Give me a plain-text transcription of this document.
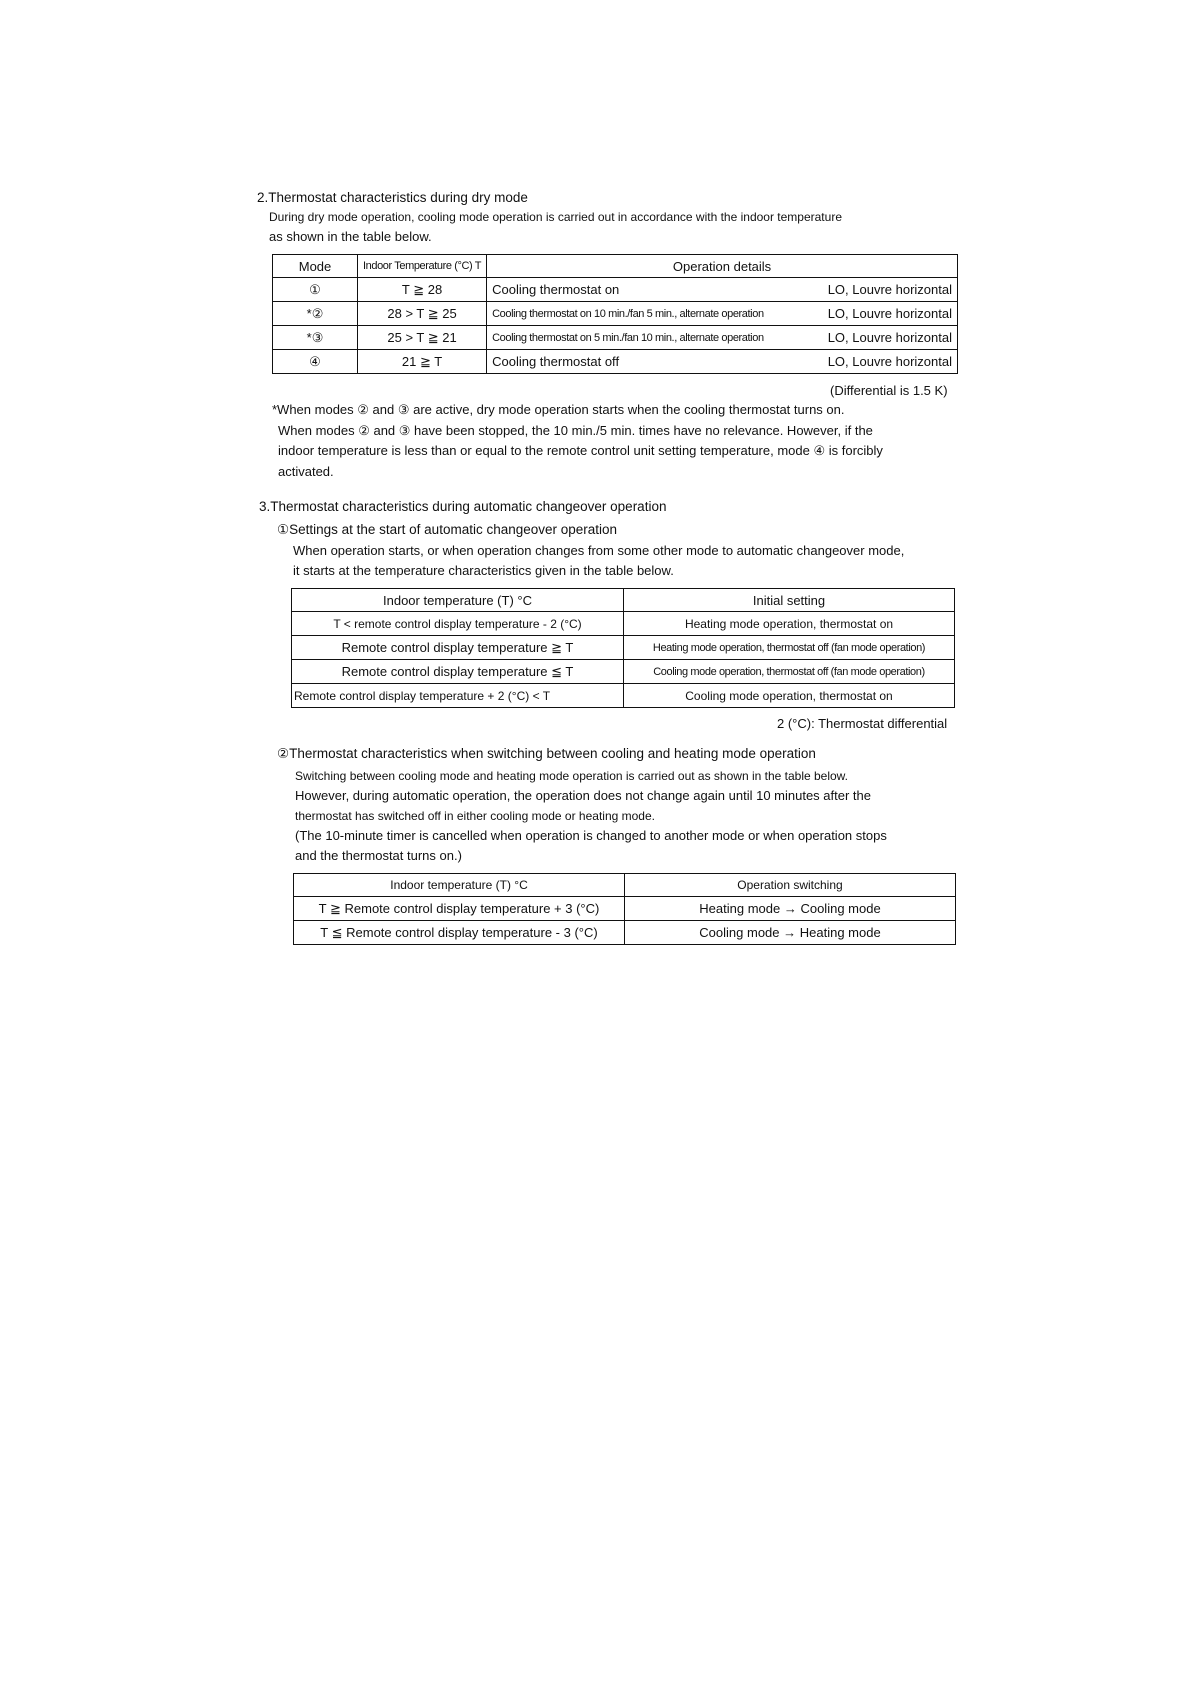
2.Thermostat characteristics during dry mode

During dry mode operation, cooling mode operation is carried out in accordance with the indoor temperature

as shown in the table below.

Mode	Indoor Temperature (°C) T	Operation details
①	T ≧ 28	Cooling thermostat on LO, Louvre horizontal

*②	28 > T ≧ 25	Cooling thermostat on 10 min./fan 5 min., alternate operation LO, Louvre horizontal

*③	25 > T ≧ 21	Cooling thermostat on 5 min./fan 10 min., alternate operation LO, Louvre horizontal

④	21 ≧ T	Cooling thermostat off LO, Louvre horizontal

(Differential is 1.5 K)

*When modes ② and ③ are active, dry mode operation starts when the cooling thermostat turns on.

When modes ② and ③ have been stopped, the 10 min./5 min. times have no relevance. However, if the

indoor temperature is less than or equal to the remote control unit setting temperature, mode ④ is forcibly

activated.

3.Thermostat characteristics during automatic changeover operation

①Settings at the start of automatic changeover operation

When operation starts, or when operation changes from some other mode to automatic changeover mode,

it starts at the temperature characteristics given in the table below.

Indoor temperature (T) °C	Initial setting
T < remote control display temperature - 2 (°C)	Heating mode operation, thermostat on
Remote control display temperature ≧ T	Heating mode operation, thermostat off (fan mode operation)
Remote control display temperature ≦ T	Cooling mode operation, thermostat off (fan mode operation)
Remote control display temperature + 2 (°C) < T	Cooling mode operation, thermostat on

2 (°C): Thermostat differential

②Thermostat characteristics when switching between cooling and heating mode operation

Switching between cooling mode and heating mode operation is carried out as shown in the table below.

However, during automatic operation, the operation does not change again until 10 minutes after the

thermostat has switched off in either cooling mode or heating mode.

(The 10-minute timer is cancelled when operation is changed to another mode or when operation stops

and the thermostat turns on.)

Indoor temperature (T) °C	Operation switching
T ≧ Remote control display temperature + 3 (°C)	Heating mode → Cooling mode
T ≦ Remote control display temperature - 3 (°C)	Cooling mode → Heating mode
